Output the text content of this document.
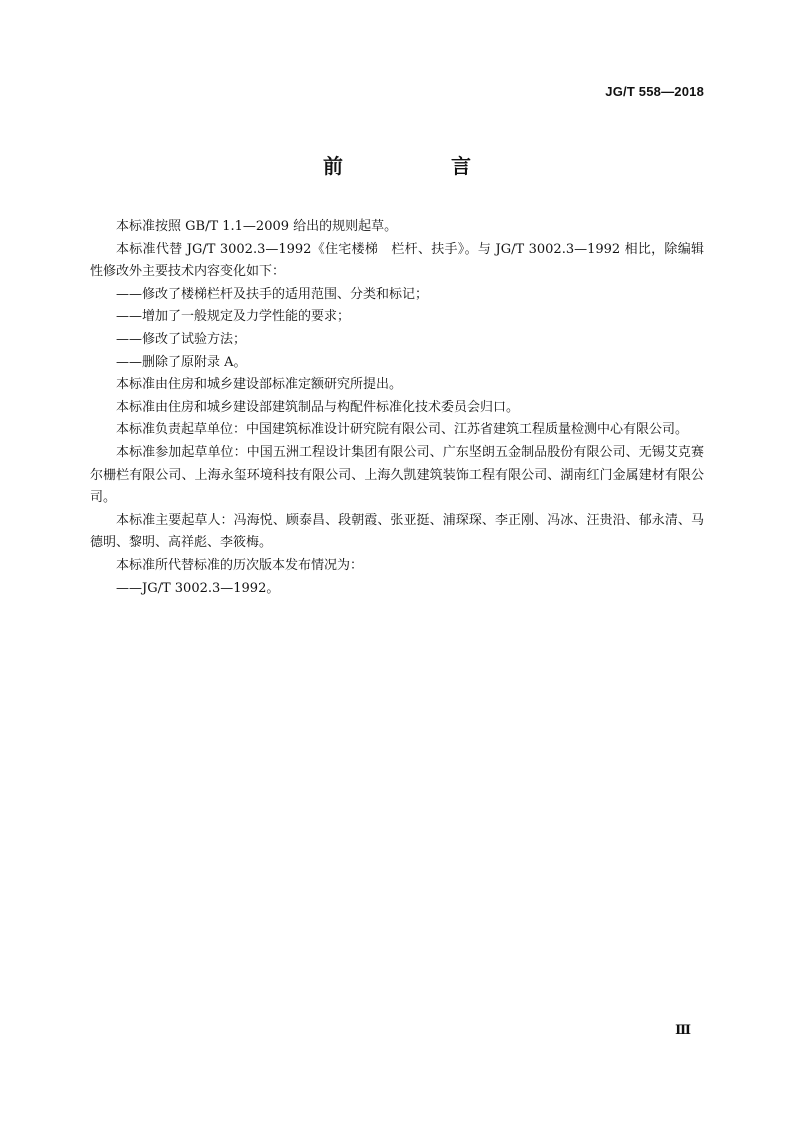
JG/T 558—2018
前　言

本标准按照 GB/T 1.1—2009 给出的规则起草。

本标准代替 JG/T 3002.3—1992《住宅楼梯　栏杆、扶手》。与 JG/T 3002.3—1992 相比，除编辑性修改外主要技术内容变化如下：

——修改了楼梯栏杆及扶手的适用范围、分类和标记；

——增加了一般规定及力学性能的要求；

——修改了试验方法；

——删除了原附录 A。

本标准由住房和城乡建设部标准定额研究所提出。

本标准由住房和城乡建设部建筑制品与构配件标准化技术委员会归口。

本标准负责起草单位：中国建筑标准设计研究院有限公司、江苏省建筑工程质量检测中心有限公司。

本标准参加起草单位：中国五洲工程设计集团有限公司、广东坚朗五金制品股份有限公司、无锡艾克赛尔栅栏有限公司、上海永玺环境科技有限公司、上海久凯建筑装饰工程有限公司、湖南红门金属建材有限公司。

本标准主要起草人：冯海悦、顾泰昌、段朝霞、张亚挺、浦琛琛、李正刚、冯冰、汪贵沿、郁永清、马德明、黎明、高祥彪、李筱梅。

本标准所代替标准的历次版本发布情况为：

——JG/T 3002.3—1992。

Ⅲ
